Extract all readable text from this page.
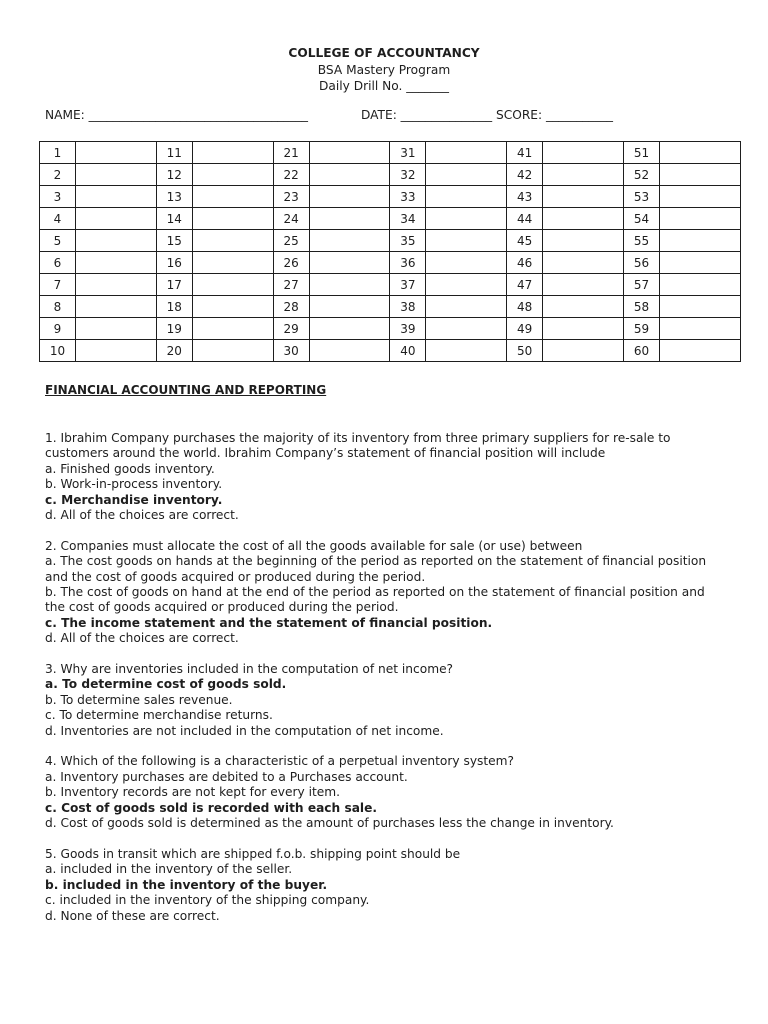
COLLEGE OF ACCOUNTANCY
BSA Mastery Program
Daily Drill No. _______
NAME: ____________________________________	DATE: _______________ SCORE: ___________
1		11		21		31		41		51	
2		12		22		32		42		52	
3		13		23		33		43		53	
4		14		24		34		44		54	
5		15		25		35		45		55	
6		16		26		36		46		56	
7		17		27		37		47		57	
8		18		28		38		48		58	
9		19		29		39		49		59	
10		20		30		40		50		60	
FINANCIAL ACCOUNTING AND REPORTING
1. Ibrahim Company purchases the majority of its inventory from three primary suppliers for re-sale to customers around the world. Ibrahim Company’s statement of financial position will include
a. Finished goods inventory.
b. Work-in-process inventory.
c. Merchandise inventory.
d. All of the choices are correct.
2. Companies must allocate the cost of all the goods available for sale (or use) between
a. The cost goods on hands at the beginning of the period as reported on the statement of financial position and the cost of goods acquired or produced during the period.
b. The cost of goods on hand at the end of the period as reported on the statement of financial position and the cost of goods acquired or produced during the period.
c. The income statement and the statement of financial position.
d. All of the choices are correct.
3. Why are inventories included in the computation of net income?
a. To determine cost of goods sold.
b. To determine sales revenue.
c. To determine merchandise returns.
d. Inventories are not included in the computation of net income.
4. Which of the following is a characteristic of a perpetual inventory system?
a. Inventory purchases are debited to a Purchases account.
b. Inventory records are not kept for every item.
c. Cost of goods sold is recorded with each sale.
d. Cost of goods sold is determined as the amount of purchases less the change in inventory.
5. Goods in transit which are shipped f.o.b. shipping point should be
a. included in the inventory of the seller.
b. included in the inventory of the buyer.
c. included in the inventory of the shipping company.
d. None of these are correct.
